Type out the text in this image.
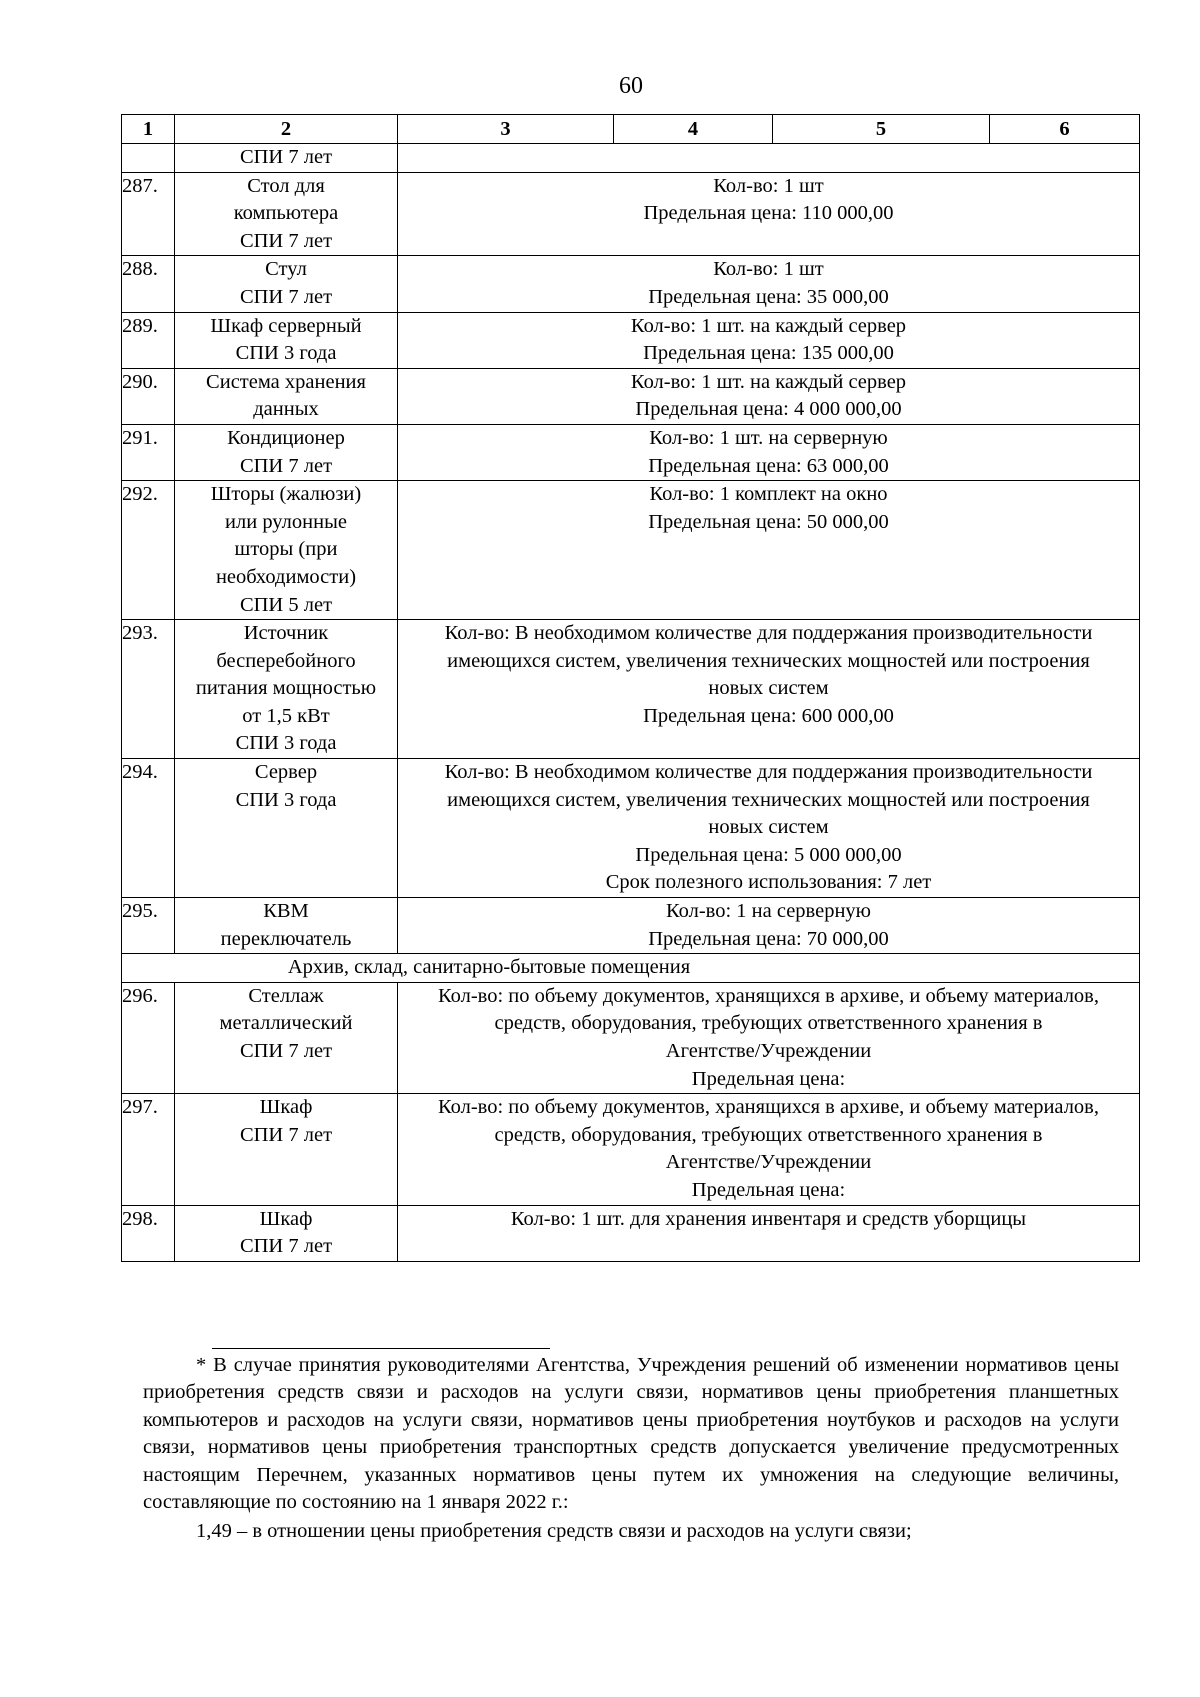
60
1	2	3	4	5	6
	СПИ 7 лет				
287.	Стол для
компьютера
СПИ 7 лет	Кол-во: 1 шт
Предельная цена: 110 000,00			

288.	Стул
СПИ 7 лет	Кол-во: 1 шт
Предельная цена: 35 000,00			

289.	Шкаф серверный
СПИ 3 года	Кол-во: 1 шт. на каждый сервер
Предельная цена: 135 000,00			

290.	Система хранения
данных	Кол-во: 1 шт. на каждый сервер
Предельная цена: 4 000 000,00			

291.	Кондиционер
СПИ 7 лет	Кол-во: 1 шт. на серверную
Предельная цена: 63 000,00			

292.	Шторы (жалюзи)
или рулонные
шторы (при
необходимости)
СПИ 5 лет	Кол-во: 1 комплект на окно
Предельная цена: 50 000,00			

293.	Источник
бесперебойного
питания мощностью
от 1,5 кВт
СПИ 3 года	Кол-во: В необходимом количестве для поддержания производительности
имеющихся систем, увеличения технических мощностей или построения
новых систем
Предельная цена: 600 000,00			

294.	Сервер
СПИ 3 года	Кол-во: В необходимом количестве для поддержания производительности
имеющихся систем, увеличения технических мощностей или построения
новых систем
Предельная цена: 5 000 000,00
Срок полезного использования: 7 лет			

295.	КВМ
переключатель	Кол-во: 1 на серверную
Предельная цена: 70 000,00			

Архив, склад, санитарно-бытовые помещения					
296.	Стеллаж
металлический
СПИ 7 лет	Кол-во: по объему документов, хранящихся в архиве, и объему материалов,
средств, оборудования, требующих ответственного хранения в
Агентстве/Учреждении
Предельная цена:			

297.	Шкаф
СПИ 7 лет	Кол-во: по объему документов, хранящихся в архиве, и объему материалов,
средств, оборудования, требующих ответственного хранения в
Агентстве/Учреждении
Предельная цена:			

298.	Шкаф
СПИ 7 лет	Кол-во: 1 шт. для хранения инвентаря и средств уборщицы			

* В случае принятия руководителями Агентства, Учреждения решений об изменении нормативов цены приобретения средств связи и расходов на услуги связи, нормативов цены приобретения планшетных компьютеров и расходов на услуги связи, нормативов цены приобретения ноутбуков и расходов на услуги связи, нормативов цены приобретения транспортных средств допускается увеличение предусмотренных настоящим Перечнем, указанных нормативов цены путем их умножения на следующие величины, составляющие по состоянию на 1 января 2022 г.:

1,49 – в отношении цены приобретения средств связи и расходов на услуги связи;
